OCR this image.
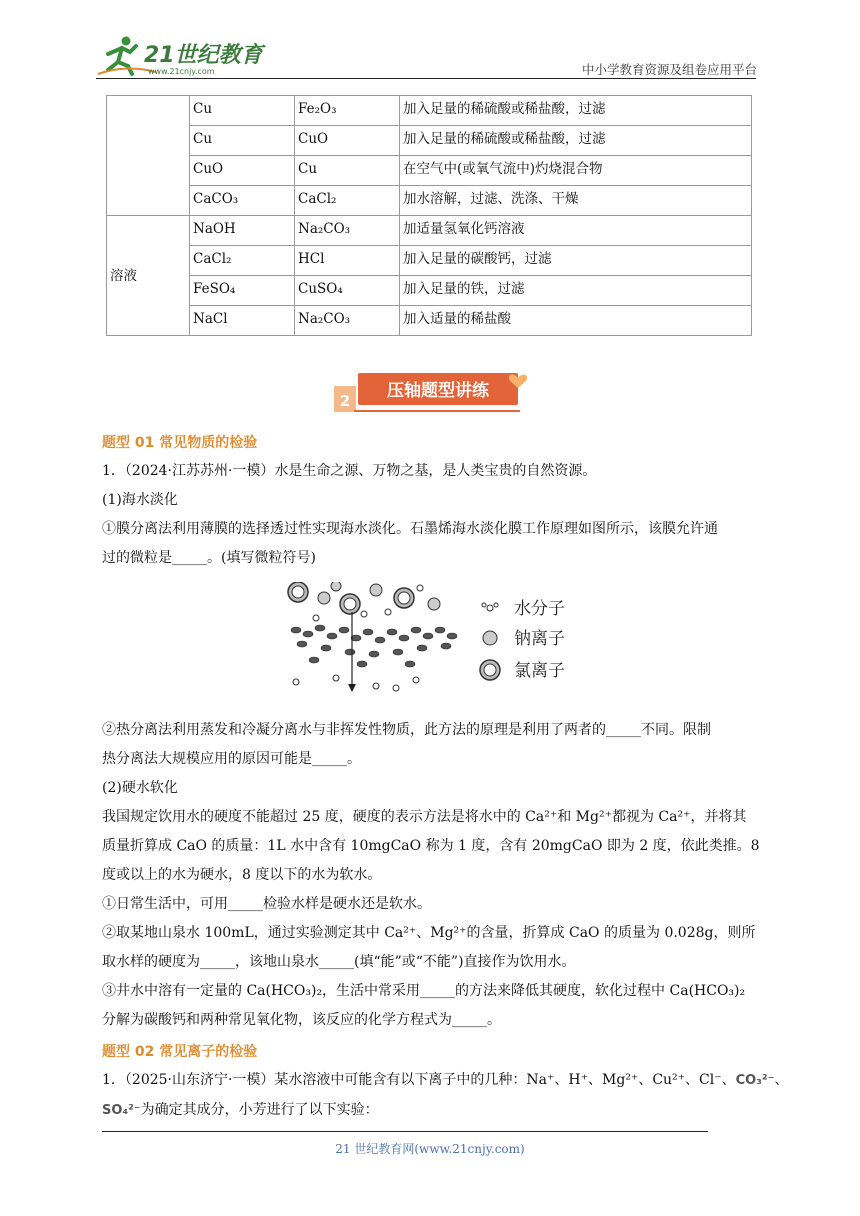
21世纪教育
www.21cnjy.com	中小学教育资源及组卷应用平台
	Cu	Fe₂O₃	加入足量的稀硫酸或稀盐酸，过滤
	Cu	CuO	加入足量的稀硫酸或稀盐酸，过滤
	CuO	Cu	在空气中(或氧气流中)灼烧混合物
	CaCO₃	CaCl₂	加水溶解，过滤、洗涤、干燥
溶液	NaOH	Na₂CO₃	加适量氢氧化钙溶液
	CaCl₂	HCl	加入足量的碳酸钙，过滤
	FeSO₄	CuSO₄	加入足量的铁，过滤
	NaCl	Na₂CO₃	加入适量的稀盐酸
2 压轴题型讲练
题型 01 常见物质的检验
1．（2024·江苏苏州·一模）水是生命之源、万物之基，是人类宝贵的自然资源。
(1)海水淡化
①膜分离法利用薄膜的选择透过性实现海水淡化。石墨烯海水淡化膜工作原理如图所示，该膜允许通
过的微粒是_____。(填写微粒符号)
水分子
钠离子
氯离子
②热分离法利用蒸发和冷凝分离水与非挥发性物质，此方法的原理是利用了两者的_____不同。限制
热分离法大规模应用的原因可能是_____。
(2)硬水软化
我国规定饮用水的硬度不能超过 25 度，硬度的表示方法是将水中的 Ca²⁺和 Mg²⁺都视为 Ca²⁺，并将其
质量折算成 CaO 的质量：1L 水中含有 10mgCaO 称为 1 度，含有 20mgCaO 即为 2 度，依此类推。8
度或以上的水为硬水，8 度以下的水为软水。
①日常生活中，可用_____检验水样是硬水还是软水。
②取某地山泉水 100mL，通过实验测定其中 Ca²⁺、Mg²⁺的含量，折算成 CaO 的质量为 0.028g，则所
取水样的硬度为_____，该地山泉水_____(填“能”或“不能”)直接作为饮用水。
③井水中溶有一定量的 Ca(HCO₃)₂，生活中常采用_____的方法来降低其硬度，软化过程中 Ca(HCO₃)₂
分解为碳酸钙和两种常见氧化物，该反应的化学方程式为_____。
题型 02 常见离子的检验
1．（2025·山东济宁·一模）某水溶液中可能含有以下离子中的几种：Na⁺、H⁺、Mg²⁺、Cu²⁺、Cl⁻、CO₃²⁻、
SO₄²⁻为确定其成分，小芳进行了以下实验：
21 世纪教育网(www.21cnjy.com)
